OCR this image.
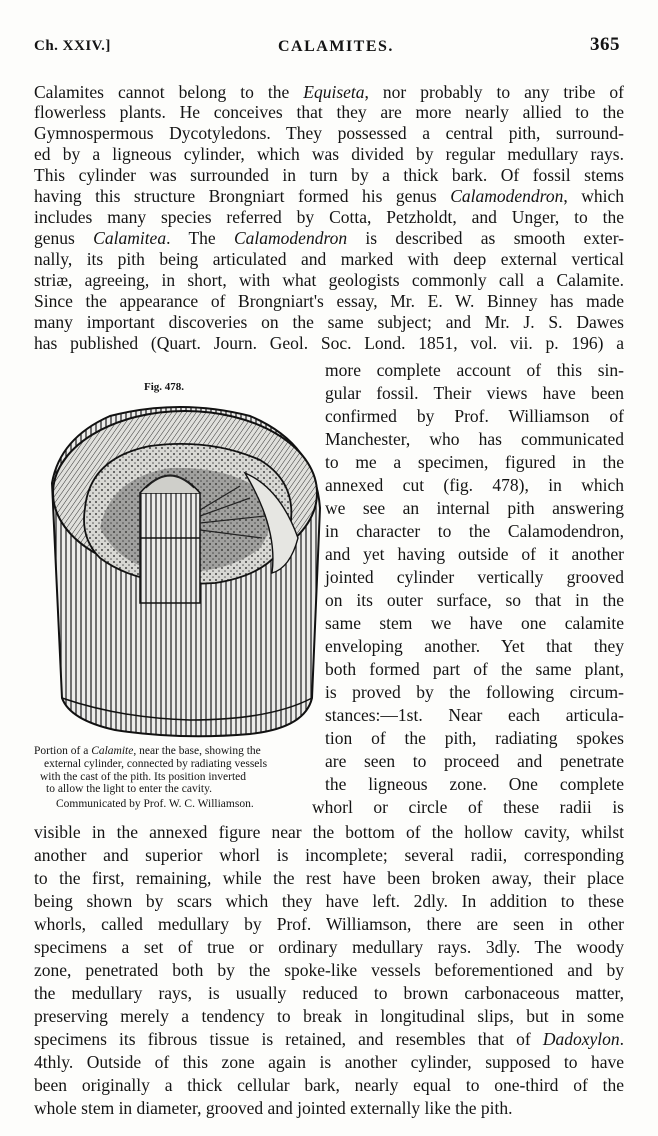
Ch. XXIV.]	CALAMITES.	365
Calamites cannot belong to the Equiseta, nor probably to any tribe of
flowerless plants. He conceives that they are more nearly allied to the
Gymnospermous Dycotyledons. They possessed a central pith, surround-
ed by a ligneous cylinder, which was divided by regular medullary rays.
This cylinder was surrounded in turn by a thick bark. Of fossil stems
having this structure Brongniart formed his genus Calamodendron, which
includes many species referred by Cotta, Petzholdt, and Unger, to the
genus Calamitea. The Calamodendron is described as smooth exter-
nally, its pith being articulated and marked with deep external vertical
striæ, agreeing, in short, with what geologists commonly call a Calamite.
Since the appearance of Brongniart's essay, Mr. E. W. Binney has made
many important discoveries on the same subject; and Mr. J. S. Dawes
has published (Quart. Journ. Geol. Soc. Lond. 1851, vol. vii. p. 196) a
Fig. 478.
Portion of a Calamite, near the base, showing the
external cylinder, connected by radiating vessels
with the cast of the pith. Its position inverted
to allow the light to enter the cavity.
Communicated by Prof. W. C. Williamson.
more complete account of this sin-
gular fossil. Their views have been
confirmed by Prof. Williamson of
Manchester, who has communicated
to me a specimen, figured in the
annexed cut (fig. 478), in which
we see an internal pith answering
in character to the Calamodendron,
and yet having outside of it another
jointed cylinder vertically grooved
on its outer surface, so that in the
same stem we have one calamite
enveloping another. Yet that they
both formed part of the same plant,
is proved by the following circum-
stances:—1st. Near each articula-
tion of the pith, radiating spokes
are seen to proceed and penetrate
the ligneous zone. One complete
whorl or circle of these radii is
visible in the annexed figure near the bottom of the hollow cavity, whilst
another and superior whorl is incomplete; several radii, corresponding
to the first, remaining, while the rest have been broken away, their place
being shown by scars which they have left. 2dly. In addition to these
whorls, called medullary by Prof. Williamson, there are seen in other
specimens a set of true or ordinary medullary rays. 3dly. The woody
zone, penetrated both by the spoke-like vessels beforementioned and by
the medullary rays, is usually reduced to brown carbonaceous matter,
preserving merely a tendency to break in longitudinal slips, but in some
specimens its fibrous tissue is retained, and resembles that of Dadoxylon.
4thly. Outside of this zone again is another cylinder, supposed to have
been originally a thick cellular bark, nearly equal to one-third of the
whole stem in diameter, grooved and jointed externally like the pith.
